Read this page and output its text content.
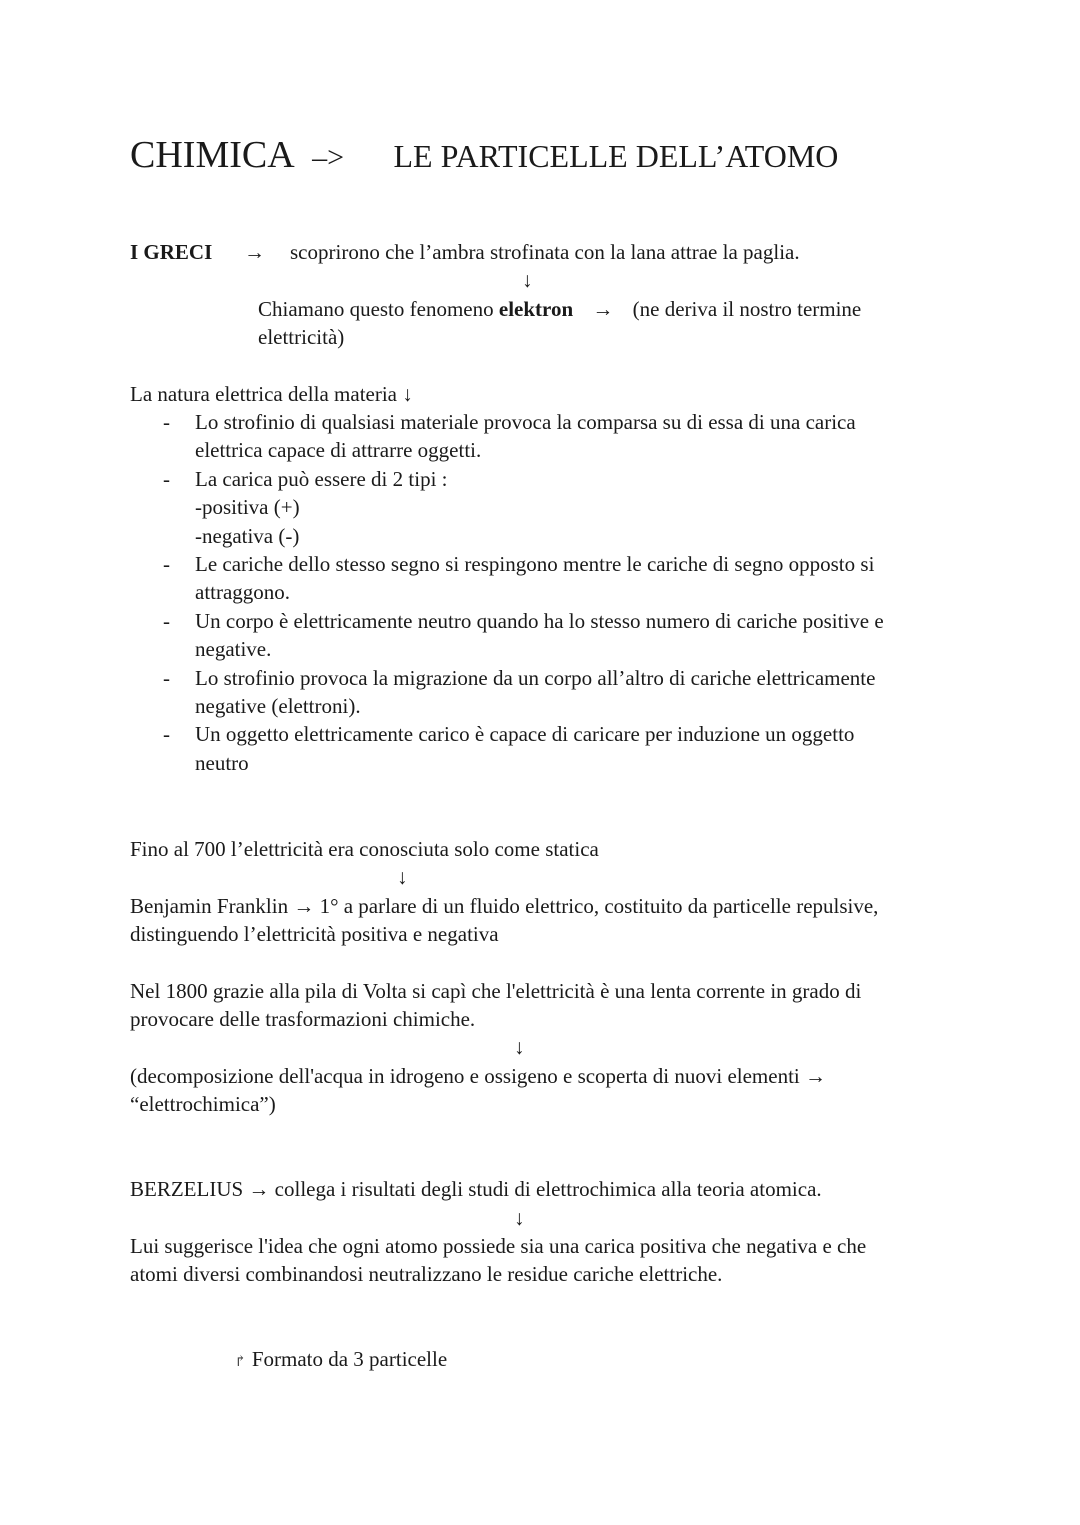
CHIMICA –> LE PARTICELLE DELL’ATOMO
I GRECI → scoprirono che l’ambra strofinata con la lana attrae la paglia.
↓
Chiamano questo fenomeno elektron → (ne deriva il nostro termine
elettricità)
La natura elettrica della materia ↓
- Lo strofinio di qualsiasi materiale provoca la comparsa su di essa di una carica
elettrica capace di attrarre oggetti.
- La carica può essere di 2 tipi :
-positiva (+)
-negativa (-)
- Le cariche dello stesso segno si respingono mentre le cariche di segno opposto si
attraggono.
- Un corpo è elettricamente neutro quando ha lo stesso numero di cariche positive e
negative.
- Lo strofinio provoca la migrazione da un corpo all’altro di cariche elettricamente
negative (elettroni).
- Un oggetto elettricamente carico è capace di caricare per induzione un oggetto
neutro
Fino al 700 l’elettricità era conosciuta solo come statica
↓
Benjamin Franklin → 1° a parlare di un fluido elettrico, costituito da particelle repulsive,
distinguendo l’elettricità positiva e negativa
Nel 1800 grazie alla pila di Volta si capì che l'elettricità è una lenta corrente in grado di
provocare delle trasformazioni chimiche.
↓
(decomposizione dell'acqua in idrogeno e ossigeno e scoperta di nuovi elementi →
“elettrochimica”)
BERZELIUS → collega i risultati degli studi di elettrochimica alla teoria atomica.
↓
Lui suggerisce l'idea che ogni atomo possiede sia una carica positiva che negativa e che
atomi diversi combinandosi neutralizzano le residue cariche elettriche.
↱ Formato da 3 particelle
